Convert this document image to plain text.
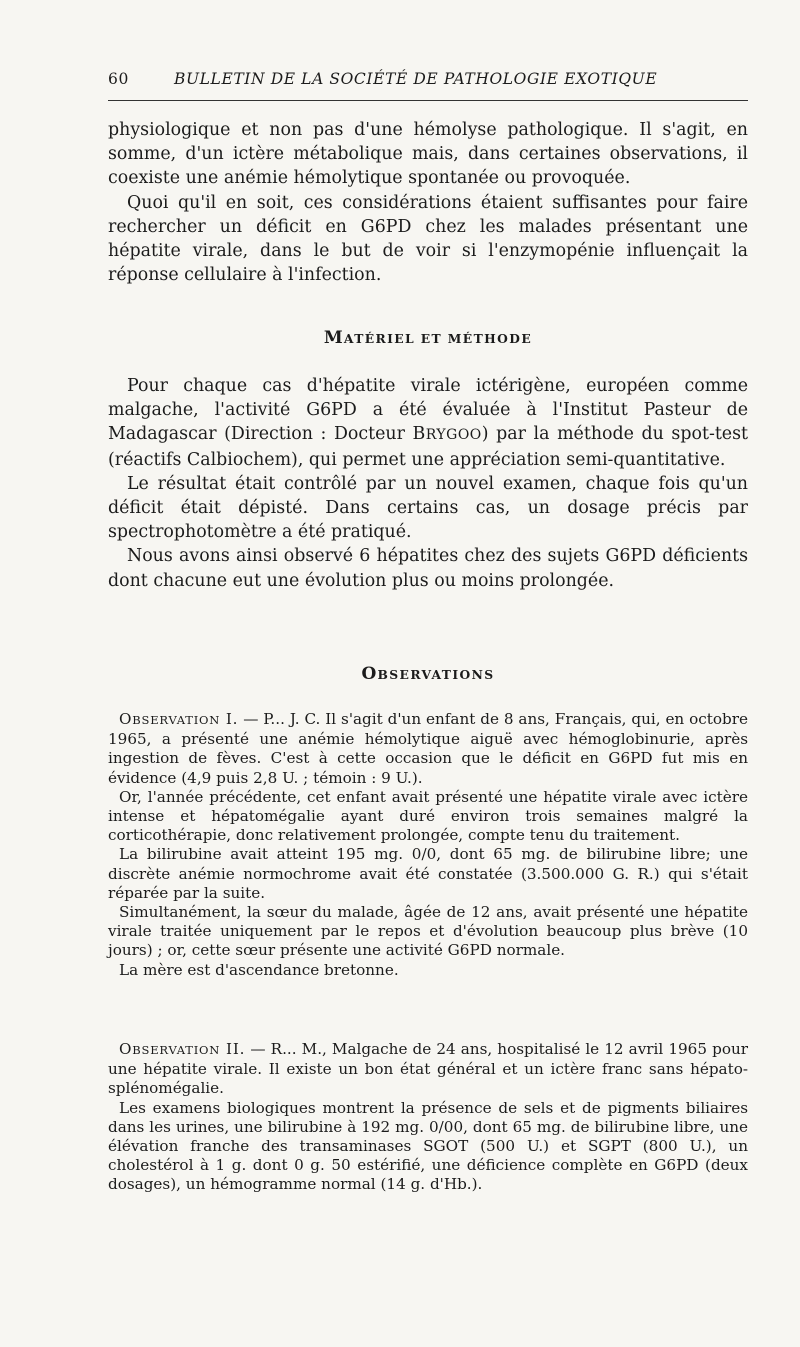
60	BULLETIN DE LA SOCIÉTÉ DE PATHOLOGIE EXOTIQUE

physiologique et non pas d'une hémolyse pathologique. Il s'agit, en somme, d'un ictère métabolique mais, dans certaines observations, il coexiste une anémie hémolytique spontanée ou provoquée.

Quoi qu'il en soit, ces considérations étaient suffisantes pour faire rechercher un déficit en G6PD chez les malades présentant une hépatite virale, dans le but de voir si l'enzymopénie influençait la réponse cellulaire à l'infection.

MATÉRIEL ET MÉTHODE

Pour chaque cas d'hépatite virale ictérigène, européen comme malgache, l'activité G6PD a été évaluée à l'Institut Pasteur de Madagascar (Direction : Docteur BRYGOO) par la méthode du spot-test (réactifs Calbiochem), qui permet une appréciation semi-quantitative.

Le résultat était contrôlé par un nouvel examen, chaque fois qu'un déficit était dépisté. Dans certains cas, un dosage précis par spectrophotomètre a été pratiqué.

Nous avons ainsi observé 6 hépatites chez des sujets G6PD déficients dont chacune eut une évolution plus ou moins prolongée.

OBSERVATIONS

OBSERVATION I. — P... J. C. Il s'agit d'un enfant de 8 ans, Français, qui, en octobre 1965, a présenté une anémie hémolytique aiguë avec hémoglobinurie, après ingestion de fèves. C'est à cette occasion que le déficit en G6PD fut mis en évidence (4,9 puis 2,8 U. ; témoin : 9 U.).

Or, l'année précédente, cet enfant avait présenté une hépatite virale avec ictère intense et hépatomégalie ayant duré environ trois semaines malgré la corticothérapie, donc relativement prolongée, compte tenu du traitement.

La bilirubine avait atteint 195 mg. 0/0, dont 65 mg. de bilirubine libre; une discrète anémie normochrome avait été constatée (3.500.000 G. R.) qui s'était réparée par la suite.

Simultanément, la sœur du malade, âgée de 12 ans, avait présenté une hépatite virale traitée uniquement par le repos et d'évolution beaucoup plus brève (10 jours) ; or, cette sœur présente une activité G6PD normale.

La mère est d'ascendance bretonne.

OBSERVATION II. — R... M., Malgache de 24 ans, hospitalisé le 12 avril 1965 pour une hépatite virale. Il existe un bon état général et un ictère franc sans hépato-splénomégalie.

Les examens biologiques montrent la présence de sels et de pigments biliaires dans les urines, une bilirubine à 192 mg. 0/00, dont 65 mg. de bilirubine libre, une élévation franche des transaminases SGOT (500 U.) et SGPT (800 U.), un cholestérol à 1 g. dont 0 g. 50 estérifié, une déficience complète en G6PD (deux dosages), un hémogramme normal (14 g. d'Hb.).
